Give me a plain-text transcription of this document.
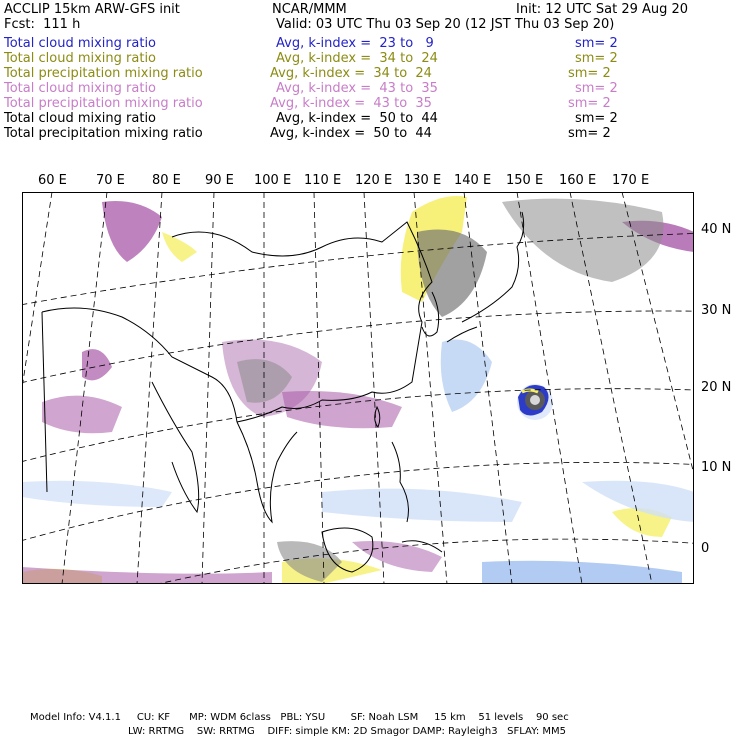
ACCLIP 15km ARW-GFS init	NCAR/MMM	Init: 12 UTC Sat 29 Aug 20
Fcst:  111 h	Valid: 03 UTC Thu 03 Sep 20 (12 JST Thu 03 Sep 20)
Total cloud mixing ratio	Avg, k-index =  23 to   9	sm= 2
Total cloud mixing ratio	Avg, k-index =  34 to  24	sm= 2
Total precipitation mixing ratio	Avg, k-index =  34 to  24	sm= 2
Total cloud mixing ratio	Avg, k-index =  43 to  35	sm= 2
Total precipitation mixing ratio	Avg, k-index =  43 to  35	sm= 2
Total cloud mixing ratio	Avg, k-index =  50 to  44	sm= 2
Total precipitation mixing ratio	Avg, k-index =  50 to  44	sm= 2
60 E 70 E 80 E 90 E 100 E 110 E 120 E 130 E 140 E 150 E 160 E 170 E
40 N
30 N
20 N
10 N
0
Model Info: V4.1.1     CU: KF      MP: WDM 6class   PBL: YSU        SF: Noah LSM     15 km    51 levels    90 sec
LW: RRTMG    SW: RRTMG    DIFF: simple KM: 2D Smagor DAMP: Rayleigh3   SFLAY: MM5
